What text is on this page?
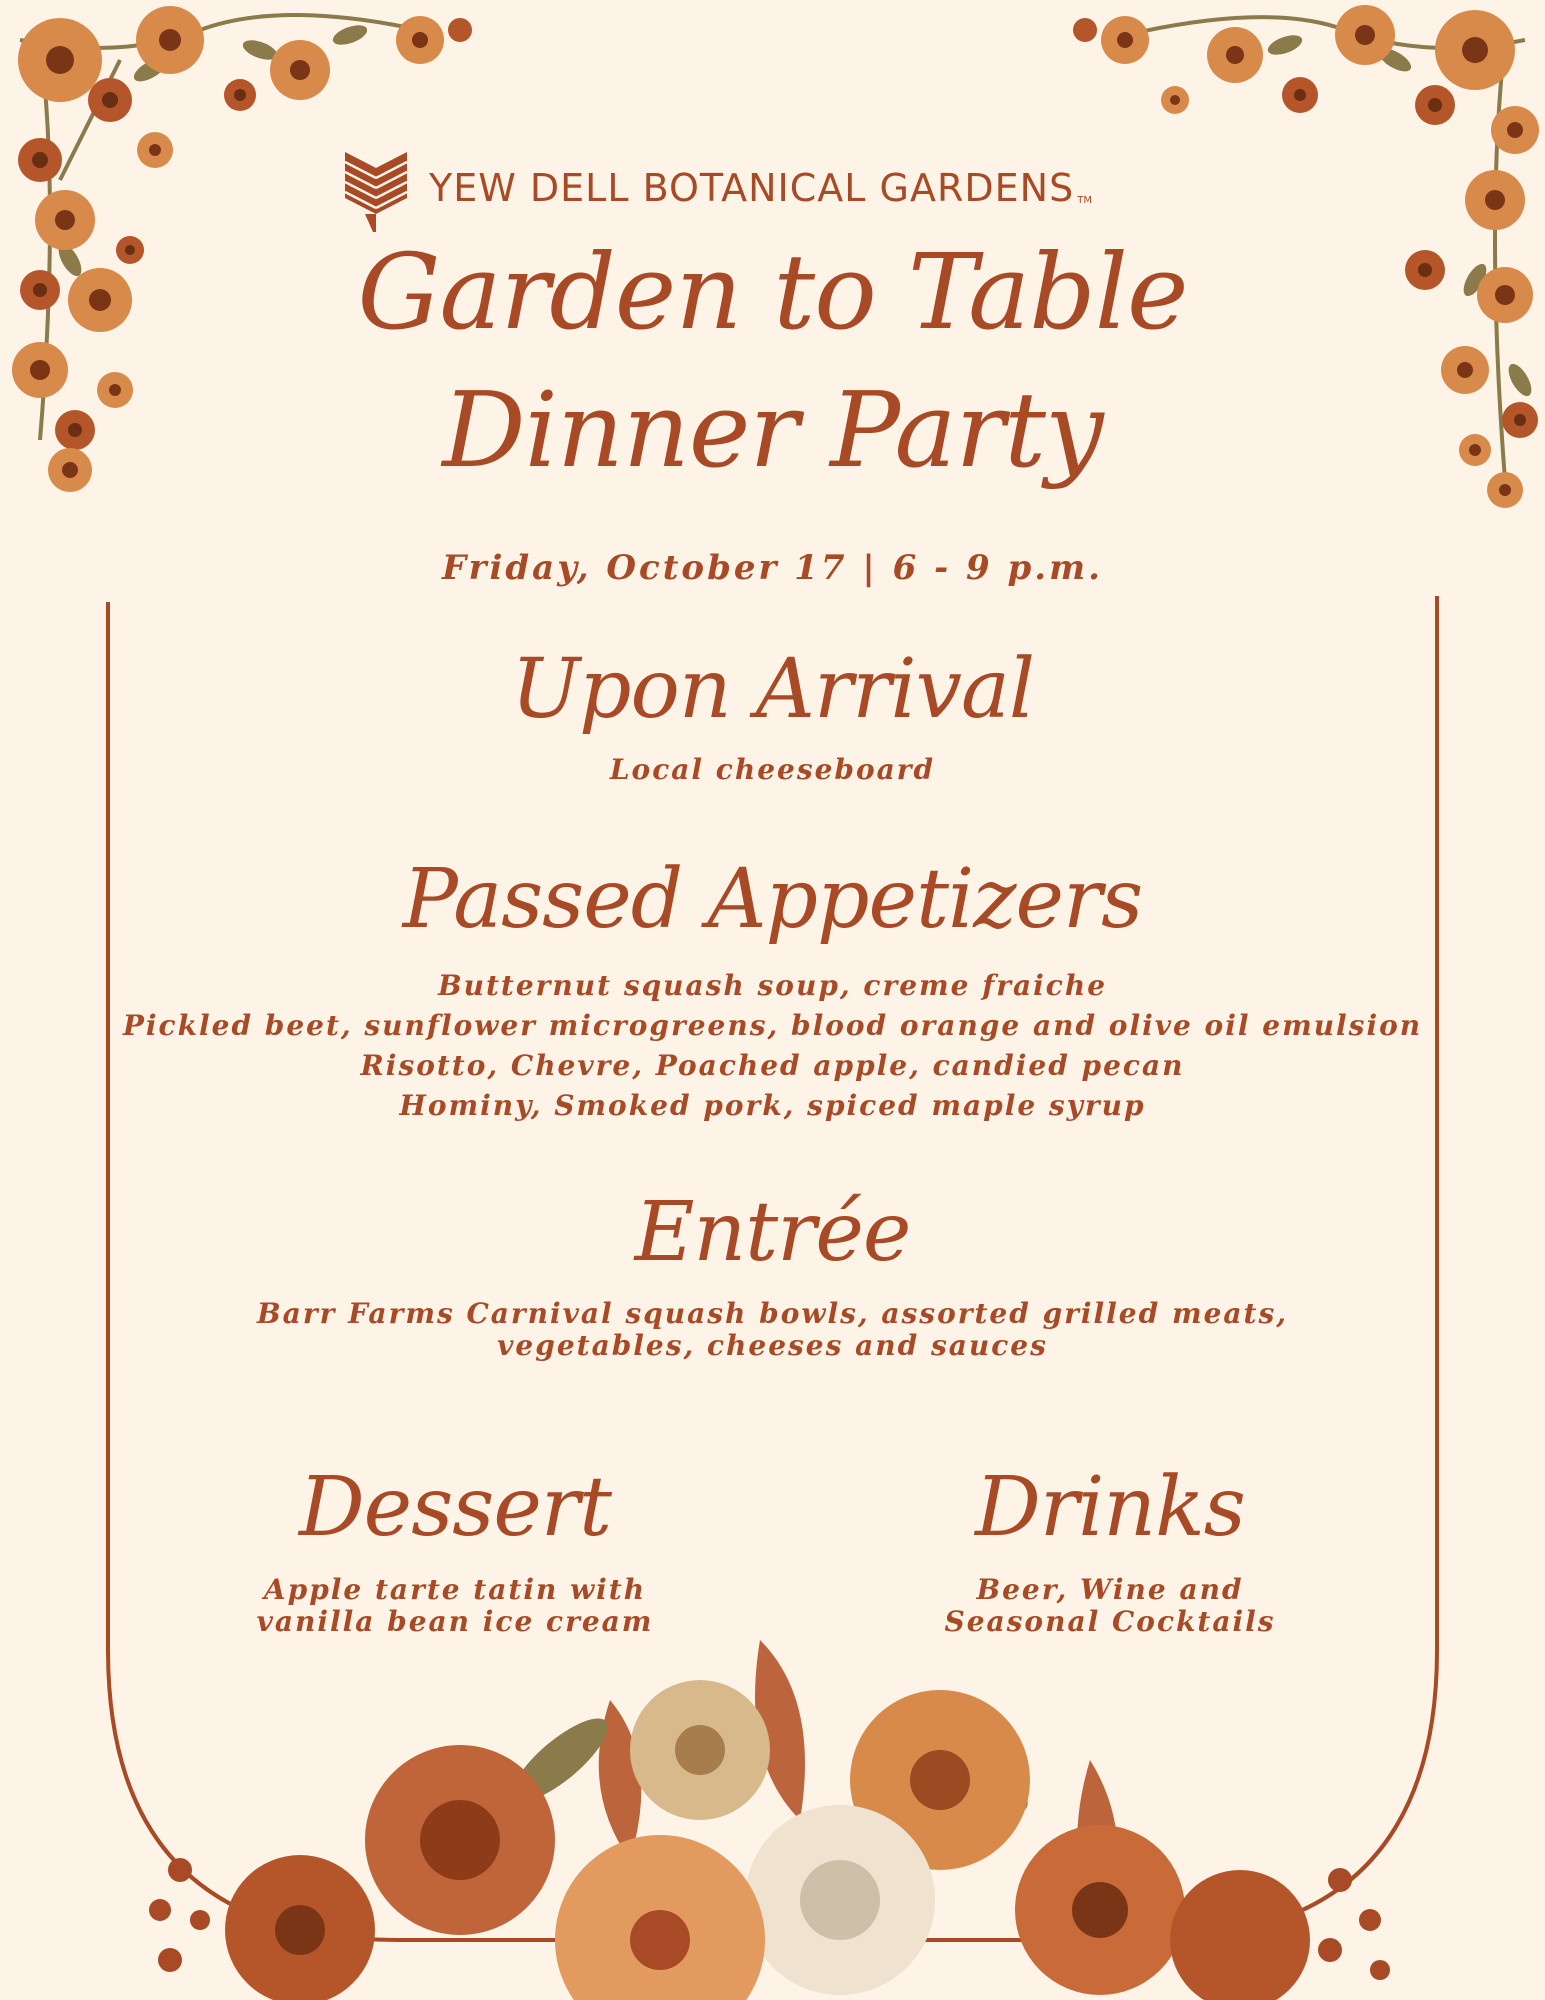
YEW DELL BOTANICAL GARDENS TM
Garden to Table
Dinner Party
Friday, October 17 | 6 - 9 p.m.
Upon Arrival
Local cheeseboard
Passed Appetizers
Butternut squash soup, creme fraiche
Pickled beet, sunflower microgreens, blood orange and olive oil emulsion
Risotto, Chevre, Poached apple, candied pecan
Hominy, Smoked pork, spiced maple syrup
Entrée
Barr Farms Carnival squash bowls, assorted grilled meats,
vegetables, cheeses and sauces
Dessert
Apple tarte tatin with
vanilla bean ice cream
Drinks
Beer, Wine and
Seasonal Cocktails
